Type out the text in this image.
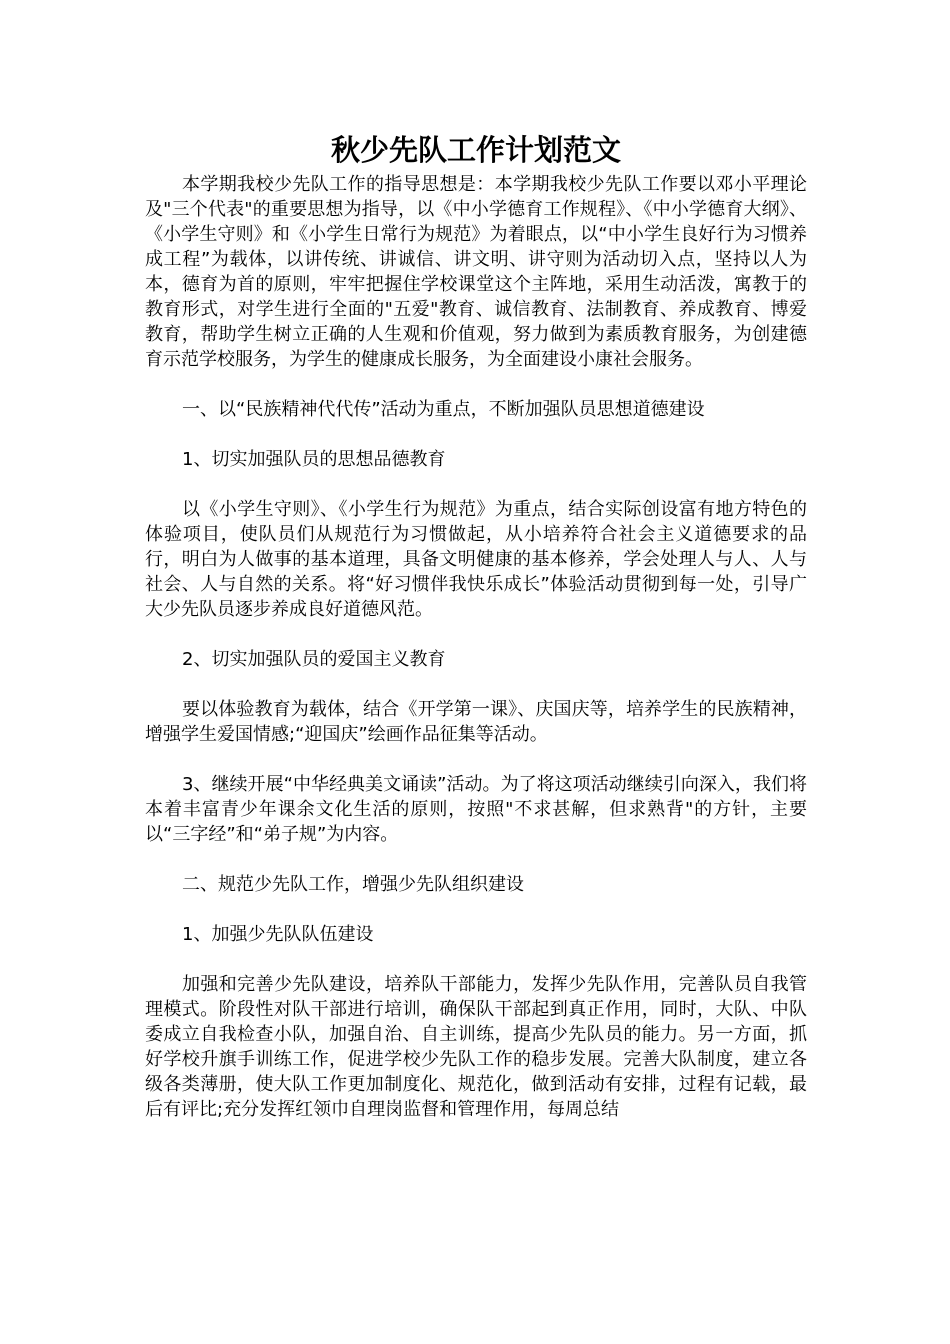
秋少先队工作计划范文

本学期我校少先队工作的指导思想是：本学期我校少先队工作要以邓小平理论及"三个代表"的重要思想为指导，以《中小学德育工作规程》、《中小学德育大纲》、《小学生守则》和《小学生日常行为规范》为着眼点，以“中小学生良好行为习惯养成工程”为载体，以讲传统、讲诚信、讲文明、讲守则为活动切入点，坚持以人为本，德育为首的原则，牢牢把握住学校课堂这个主阵地，采用生动活泼，寓教于的教育形式，对学生进行全面的"五爱"教育、诚信教育、法制教育、养成教育、博爱教育，帮助学生树立正确的人生观和价值观，努力做到为素质教育服务，为创建德育示范学校服务，为学生的健康成长服务，为全面建设小康社会服务。

一、以“民族精神代代传”活动为重点，不断加强队员思想道德建设

1、切实加强队员的思想品德教育

以《小学生守则》、《小学生行为规范》为重点，结合实际创设富有地方特色的体验项目，使队员们从规范行为习惯做起，从小培养符合社会主义道德要求的品行，明白为人做事的基本道理，具备文明健康的基本修养，学会处理人与人、人与社会、人与自然的关系。将“好习惯伴我快乐成长”体验活动贯彻到每一处，引导广大少先队员逐步养成良好道德风范。

2、切实加强队员的爱国主义教育

要以体验教育为载体，结合《开学第一课》、庆国庆等，培养学生的民族精神，增强学生爱国情感;“迎国庆”绘画作品征集等活动。

3、继续开展“中华经典美文诵读”活动。为了将这项活动继续引向深入，我们将本着丰富青少年课余文化生活的原则，按照"不求甚解，但求熟背"的方针，主要以“三字经”和“弟子规”为内容。

二、规范少先队工作，增强少先队组织建设

1、加强少先队队伍建设

加强和完善少先队建设，培养队干部能力，发挥少先队作用，完善队员自我管理模式。阶段性对队干部进行培训，确保队干部起到真正作用，同时，大队、中队委成立自我检查小队，加强自治、自主训练，提高少先队员的能力。另一方面，抓好学校升旗手训练工作，促进学校少先队工作的稳步发展。完善大队制度，建立各级各类薄册，使大队工作更加制度化、规范化，做到活动有安排，过程有记载，最后有评比;充分发挥红领巾自理岗监督和管理作用，每周总结
